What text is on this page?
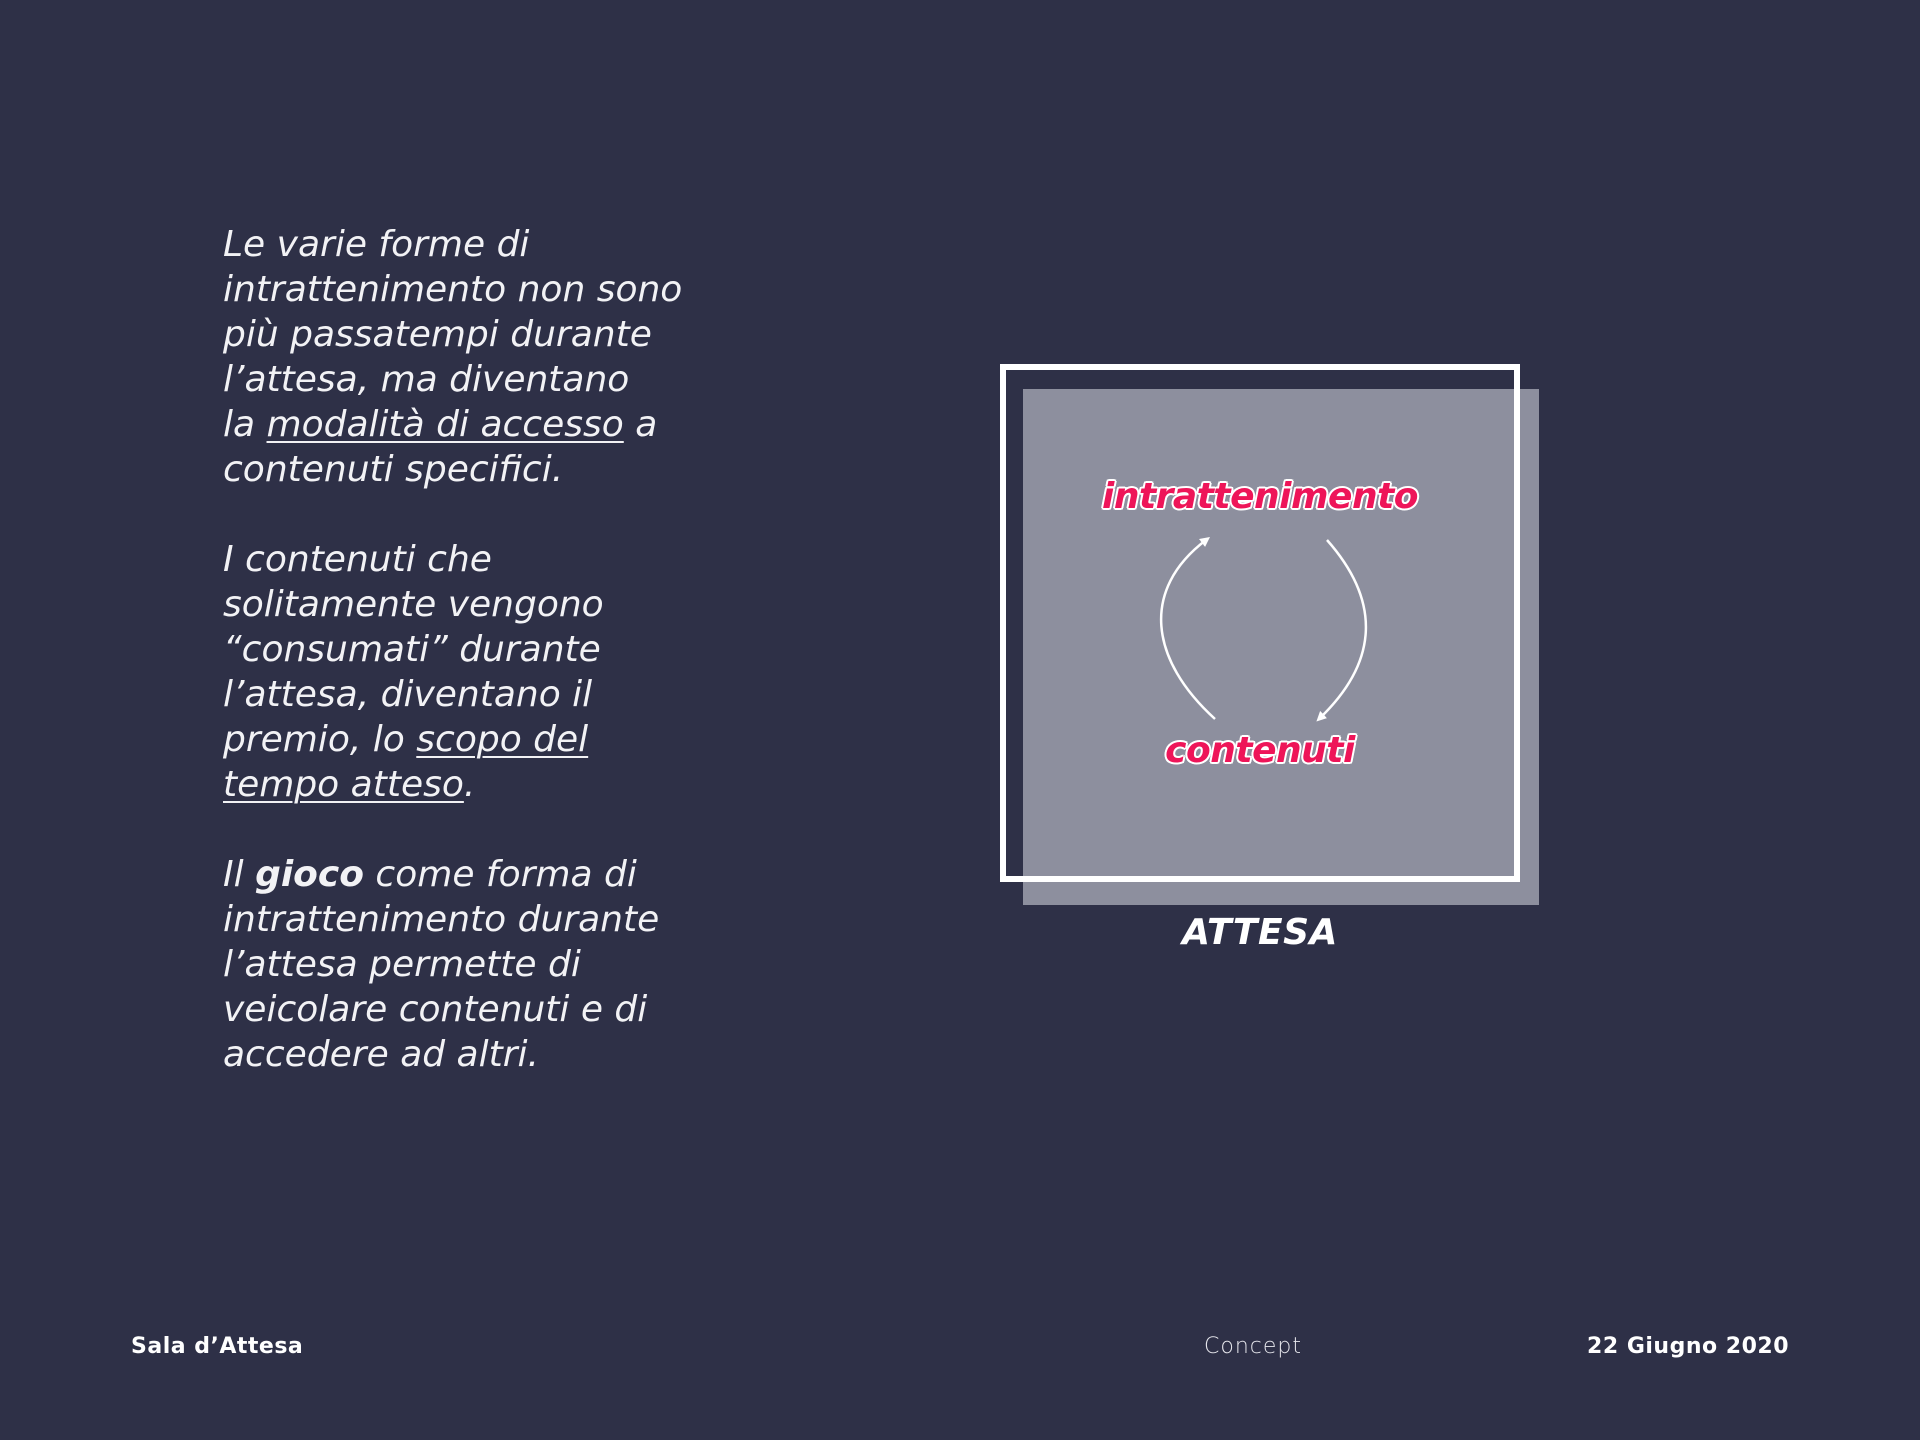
Le varie forme di
intrattenimento non sono
più passatempi durante
l’attesa, ma diventano
la modalità di accesso a
contenuti specifici.

I contenuti che
solitamente vengono
“consumati” durante
l’attesa, diventano il
premio, lo scopo del
tempo atteso.

Il gioco come forma di
intrattenimento durante
l’attesa permette di
veicolare contenuti e di
accedere ad altri.

intrattenimento
contenuti
ATTESA
Sala d’Attesa	Concept	22 Giugno 2020
